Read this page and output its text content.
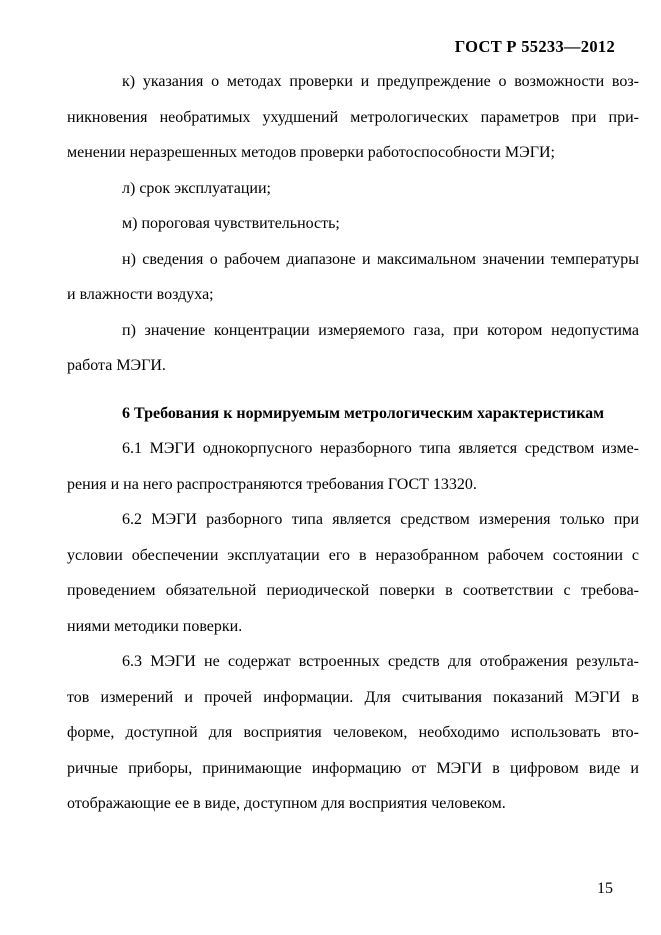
ГОСТ Р 55233—2012
к) указания о методах проверки и предупреждение о возможности воз-
никновения необратимых ухудшений метрологических параметров при при-
менении неразрешенных методов проверки работоспособности МЭГИ;
л) срок эксплуатации;
м) пороговая чувствительность;
н) сведения о рабочем диапазоне и максимальном значении температуры
и влажности воздуха;
п) значение концентрации измеряемого газа, при котором недопустима
работа МЭГИ.
6 Требования к нормируемым метрологическим характеристикам
6.1 МЭГИ однокорпусного неразборного типа является средством изме-
рения и на него распространяются требования ГОСТ 13320.
6.2 МЭГИ разборного типа является средством измерения только при
условии обеспечении эксплуатации его в неразобранном рабочем состоянии с
проведением обязательной периодической поверки в соответствии с требова-
ниями методики поверки.
6.3 МЭГИ не содержат встроенных средств для отображения результа-
тов измерений и прочей информации. Для считывания показаний МЭГИ в
форме, доступной для восприятия человеком, необходимо использовать вто-
ричные приборы, принимающие информацию от МЭГИ в цифровом виде и
отображающие ее в виде, доступном для восприятия человеком.
15
